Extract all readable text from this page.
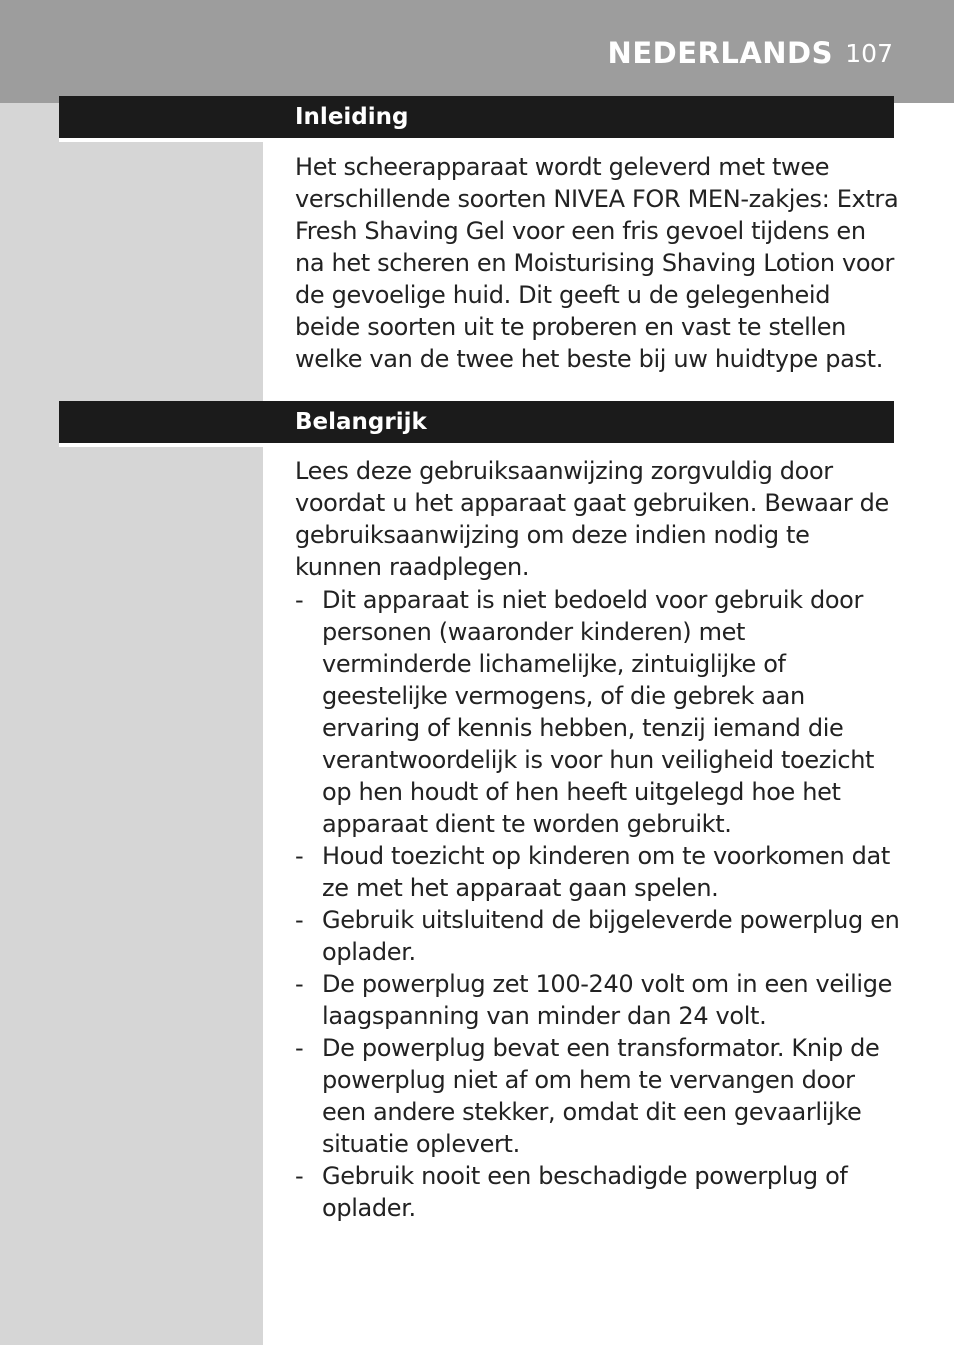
NEDERLANDS 107
Inleiding
Het scheerapparaat wordt geleverd met twee verschillende soorten NIVEA FOR MEN-zakjes: Extra Fresh Shaving Gel voor een fris gevoel tijdens en na het scheren en Moisturising Shaving Lotion voor de gevoelige huid. Dit geeft u de gelegenheid beide soorten uit te proberen en vast te stellen welke van de twee het beste bij uw huidtype past.
Belangrijk
Lees deze gebruiksaanwijzing zorgvuldig door voordat u het apparaat gaat gebruiken. Bewaar de gebruiksaanwijzing om deze indien nodig te kunnen raadplegen.
- Dit apparaat is niet bedoeld voor gebruik door personen (waaronder kinderen) met verminderde lichamelijke, zintuiglijke of geestelijke vermogens, of die gebrek aan ervaring of kennis hebben, tenzij iemand die verantwoordelijk is voor hun veiligheid toezicht op hen houdt of hen heeft uitgelegd hoe het apparaat dient te worden gebruikt.
- Houd toezicht op kinderen om te voorkomen dat ze met het apparaat gaan spelen.
- Gebruik uitsluitend de bijgeleverde powerplug en oplader.
- De powerplug zet 100-240 volt om in een veilige laagspanning van minder dan 24 volt.
- De powerplug bevat een transformator. Knip de powerplug niet af om hem te vervangen door een andere stekker, omdat dit een gevaarlijke situatie oplevert.
- Gebruik nooit een beschadigde powerplug of oplader.
